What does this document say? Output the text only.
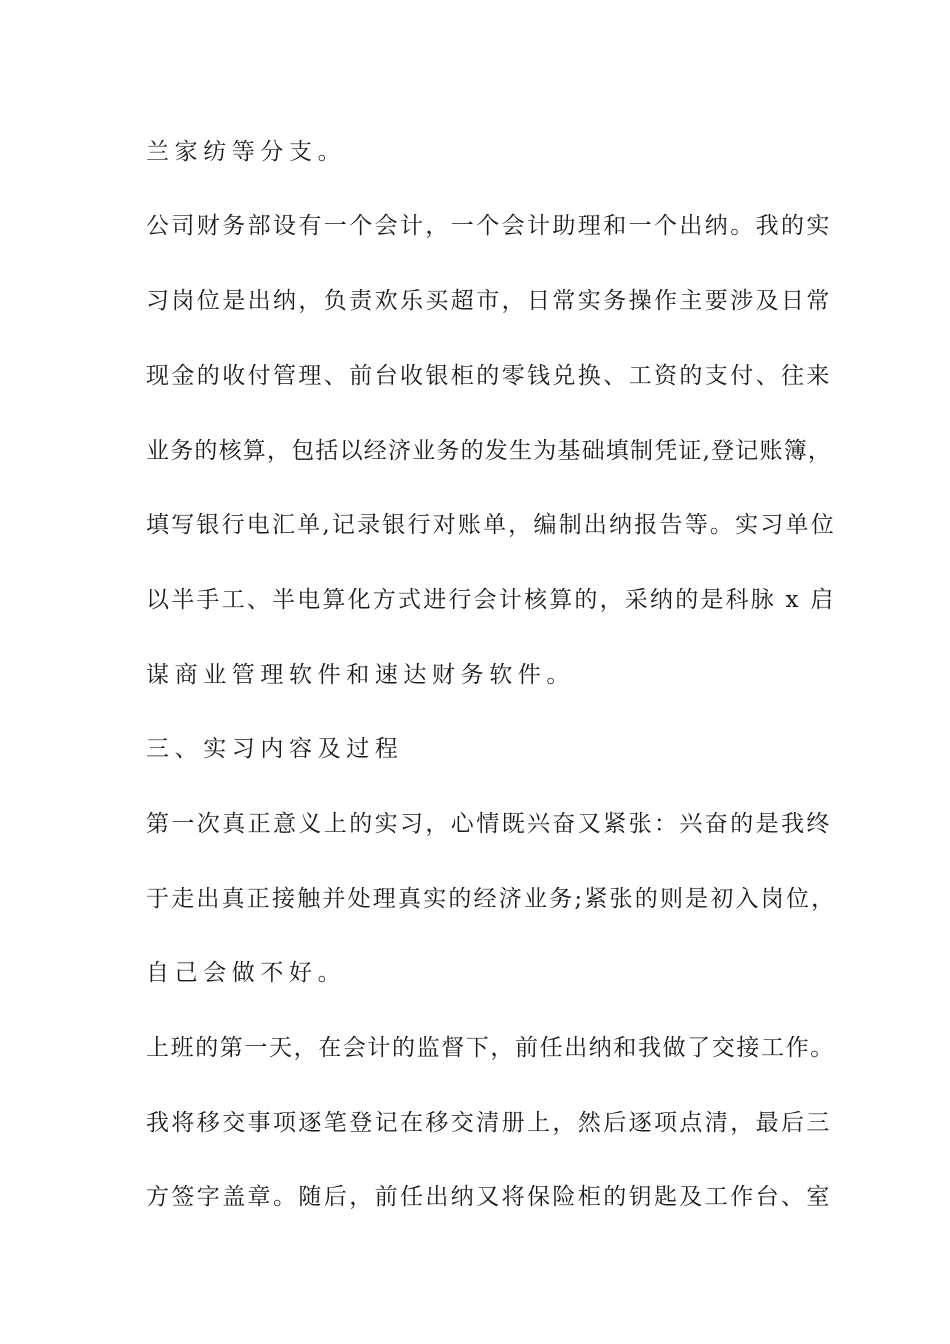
兰家纺等分支。
公司财务部设有一个会计，一个会计助理和一个出纳。我的实
习岗位是出纳，负责欢乐买超市，日常实务操作主要涉及日常
现金的收付管理、前台收银柜的零钱兑换、工资的支付、往来
业务的核算，包括以经济业务的发生为基础填制凭证,登记账簿，
填写银行电汇单,记录银行对账单，编制出纳报告等。实习单位
以半手工、半电算化方式进行会计核算的，采纳的是科脉 x 启
谋商业管理软件和速达财务软件。
三、实习内容及过程
第一次真正意义上的实习，心情既兴奋又紧张：兴奋的是我终
于走出真正接触并处理真实的经济业务;紧张的则是初入岗位，
自己会做不好。
上班的第一天，在会计的监督下，前任出纳和我做了交接工作。
我将移交事项逐笔登记在移交清册上，然后逐项点清，最后三
方签字盖章。随后，前任出纳又将保险柜的钥匙及工作台、室
